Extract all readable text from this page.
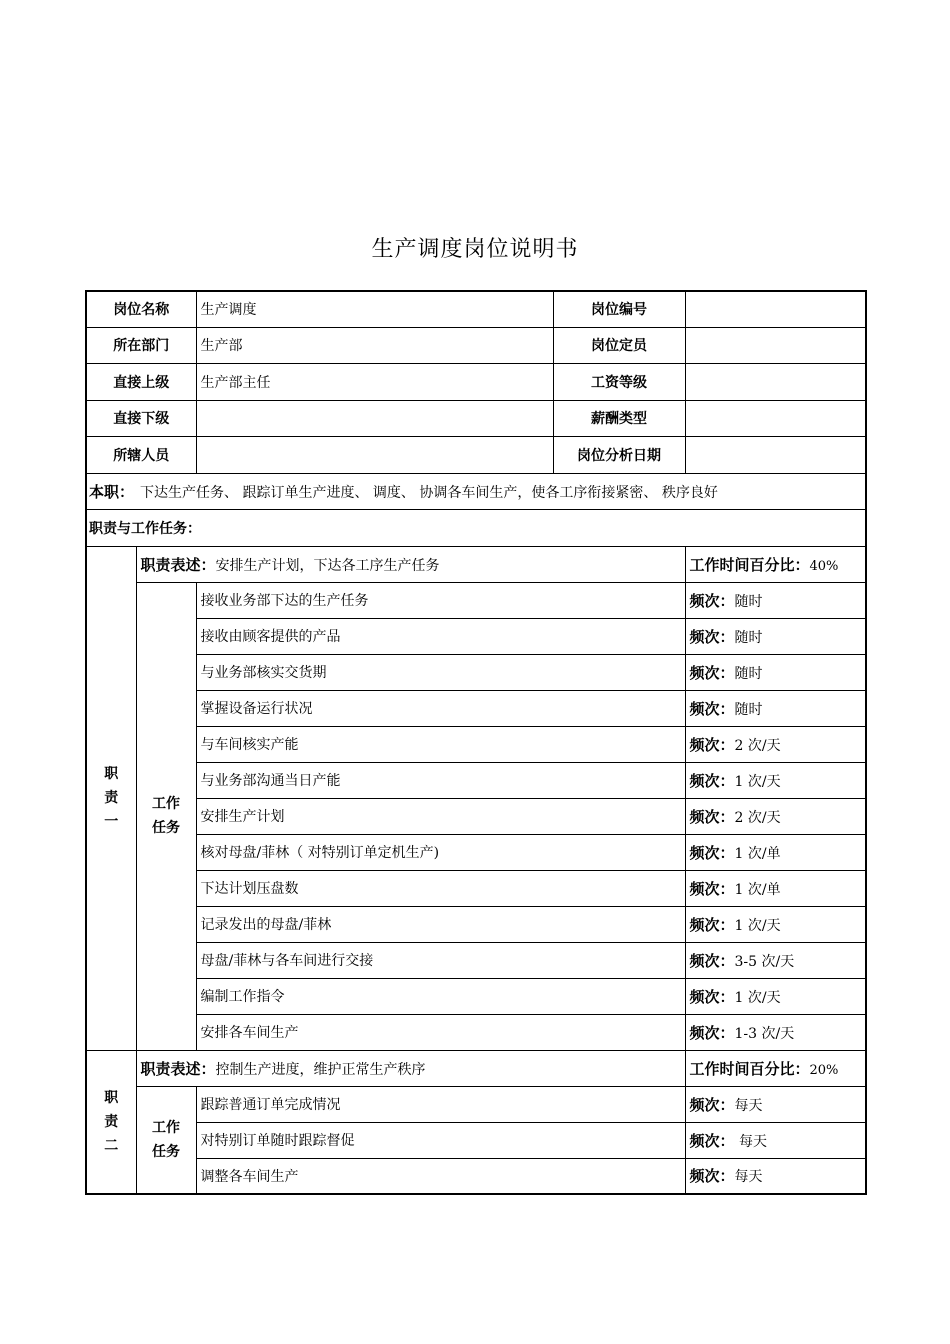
生产调度岗位说明书
岗位名称		生产调度	岗位编号	
所在部门		生产部	岗位定员	
直接上级		生产部主任	工资等级	
直接下级			薪酬类型	
所辖人员			岗位分析日期	
本职： 下达生产任务、 跟踪订单生产进度、 调度、 协调各车间生产，使各工序衔接紧密、 秩序良好				
职责与工作任务：				

职
责
一	职责表述：安排生产计划，下达各工序生产任务			工作时间百分比：40%

	工作
任务	接收业务部下达的生产任务		频次：随时
		接收由顾客提供的产品		频次：随时
		与业务部核实交货期		频次：随时
		掌握设备运行状况		频次：随时
		与车间核实产能		频次：2 次/天
		与业务部沟通当日产能		频次：1 次/天
		安排生产计划		频次：2 次/天
		核对母盘/菲林（ 对特别订单定机生产)		频次：1 次/单
		下达计划压盘数		频次：1 次/单
		记录发出的母盘/菲林		频次：1 次/天
		母盘/菲林与各车间进行交接		频次：3-5 次/天
		编制工作指令		频次：1 次/天
		安排各车间生产		频次：1-3 次/天

职
责
二	职责表述：控制生产进度，维护正常生产秩序			工作时间百分比：20%

	工作
任务	跟踪普通订单完成情况		频次：每天
		对特别订单随时跟踪督促		频次： 每天
		调整各车间生产		频次：每天
